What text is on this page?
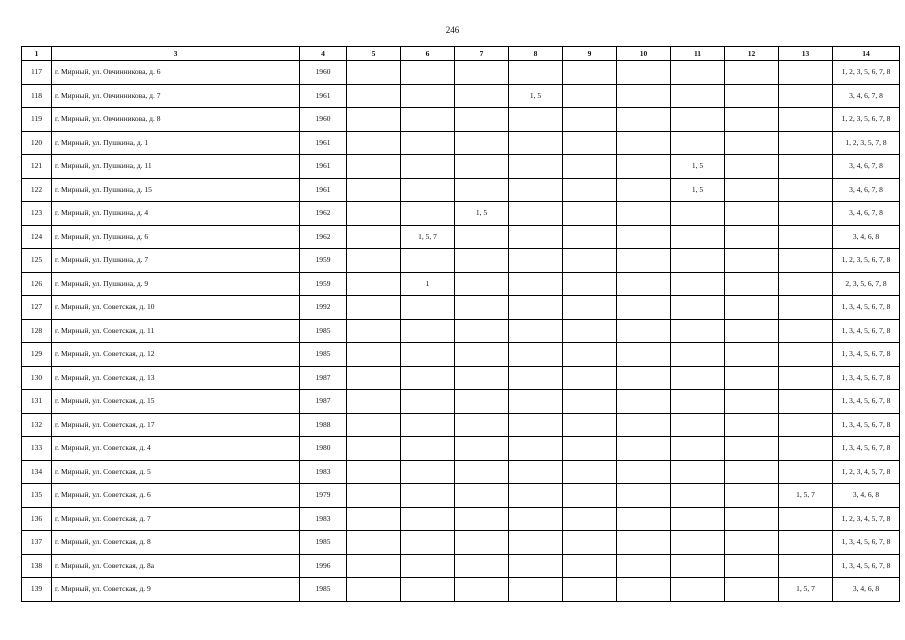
246
1	3	4	5	6	7	8	9	10	11	12	13	14
117	г. Мирный, ул. Овчинникова, д. 6	1960										1, 2, 3, 5, 6, 7, 8
118	г. Мирный, ул. Овчинникова, д. 7	1961				1, 5						3, 4, 6, 7, 8
119	г. Мирный, ул. Овчинникова, д. 8	1960										1, 2, 3, 5, 6, 7, 8
120	г. Мирный, ул. Пушкина, д. 1	1961										1, 2, 3, 5, 7, 8
121	г. Мирный, ул. Пушкина, д. 11	1961							1, 5			3, 4, 6, 7, 8
122	г. Мирный, ул. Пушкина, д. 15	1961							1, 5			3, 4, 6, 7, 8
123	г. Мирный, ул. Пушкина, д. 4	1962			1, 5							3, 4, 6, 7, 8
124	г. Мирный, ул. Пушкина, д. 6	1962		1, 5, 7								3, 4, 6, 8
125	г. Мирный, ул. Пушкина, д. 7	1959										1, 2, 3, 5, 6, 7, 8
126	г. Мирный, ул. Пушкина, д. 9	1959		1								2, 3, 5, 6, 7, 8
127	г. Мирный, ул. Советская, д. 10	1992										1, 3, 4, 5, 6, 7, 8
128	г. Мирный, ул. Советская, д. 11	1985										1, 3, 4, 5, 6, 7, 8
129	г. Мирный, ул. Советская, д. 12	1985										1, 3, 4, 5, 6, 7, 8
130	г. Мирный, ул. Советская, д. 13	1987										1, 3, 4, 5, 6, 7, 8
131	г. Мирный, ул. Советская, д. 15	1987										1, 3, 4, 5, 6, 7, 8
132	г. Мирный, ул. Советская, д. 17	1988										1, 3, 4, 5, 6, 7, 8
133	г. Мирный, ул. Советская, д. 4	1980										1, 3, 4, 5, 6, 7, 8
134	г. Мирный, ул. Советская, д. 5	1983										1, 2, 3, 4, 5, 7, 8
135	г. Мирный, ул. Советская, д. 6	1979									1, 5, 7	3, 4, 6, 8
136	г. Мирный, ул. Советская, д. 7	1983										1, 2, 3, 4, 5, 7, 8
137	г. Мирный, ул. Советская, д. 8	1985										1, 3, 4, 5, 6, 7, 8
138	г. Мирный, ул. Советская, д. 8а	1996										1, 3, 4, 5, 6, 7, 8
139	г. Мирный, ул. Советская, д. 9	1985									1, 5, 7	3, 4, 6, 8
